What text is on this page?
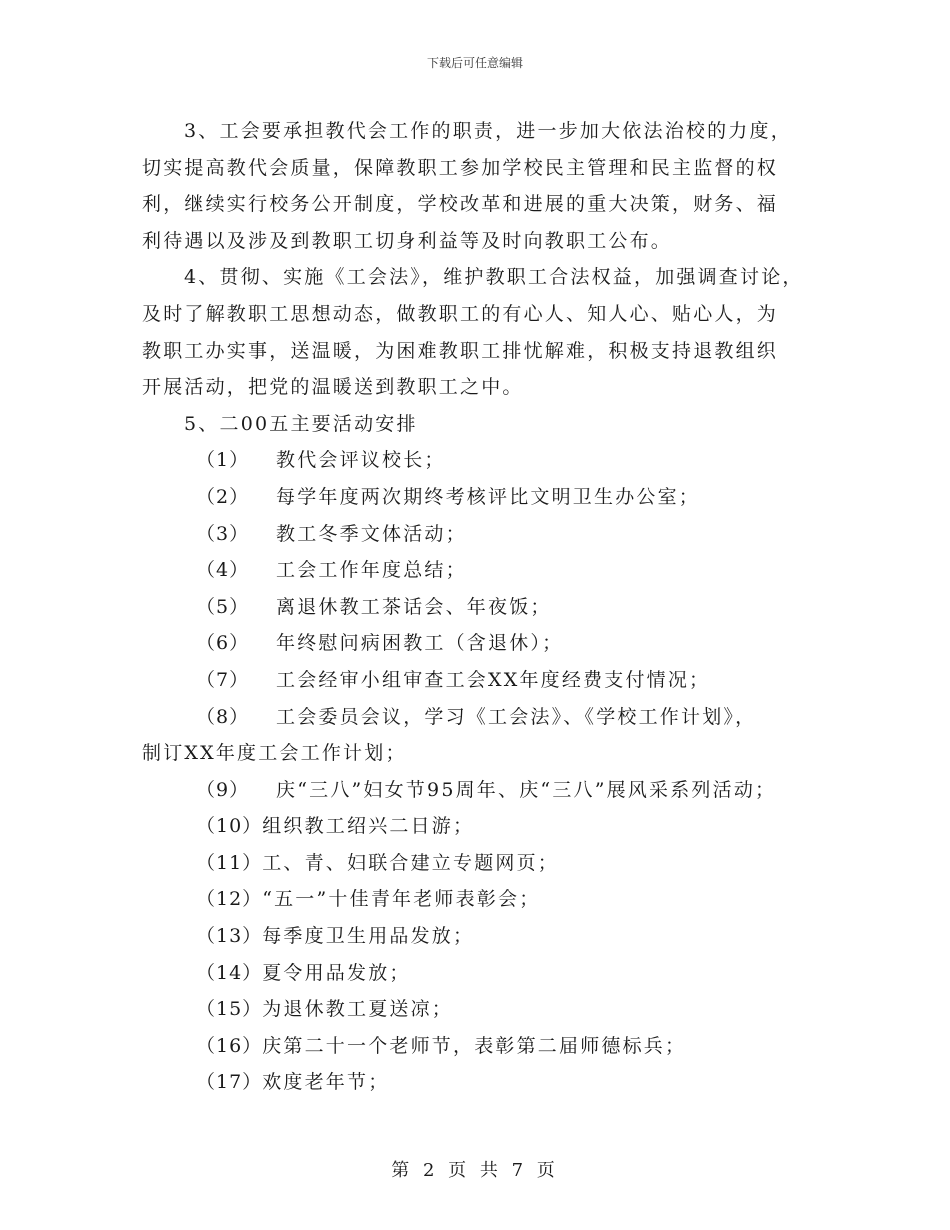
下载后可任意编辑
3、工会要承担教代会工作的职责，进一步加大依法治校的力度，
切实提高教代会质量，保障教职工参加学校民主管理和民主监督的权
利，继续实行校务公开制度，学校改革和进展的重大决策，财务、福
利待遇以及涉及到教职工切身利益等及时向教职工公布。
4、贯彻、实施《工会法》，维护教职工合法权益，加强调查讨论，
及时了解教职工思想动态，做教职工的有心人、知人心、贴心人，为
教职工办实事，送温暖，为困难教职工排忧解难，积极支持退教组织
开展活动，把党的温暖送到教职工之中。
5、二00五主要活动安排
（1） 教代会评议校长；
（2） 每学年度两次期终考核评比文明卫生办公室；
（3） 教工冬季文体活动；
（4） 工会工作年度总结；
（5） 离退休教工茶话会、年夜饭；
（6） 年终慰问病困教工（含退休）；
（7） 工会经审小组审查工会XX年度经费支付情况；
（8） 工会委员会议，学习《工会法》、《学校工作计划》，
制订XX年度工会工作计划；
（9） 庆“三八”妇女节95周年、庆“三八”展风采系列活动；
（10）组织教工绍兴二日游；
（11）工、青、妇联合建立专题网页；
（12）“五一”十佳青年老师表彰会；
（13）每季度卫生用品发放；
（14）夏令用品发放；
（15）为退休教工夏送凉；
（16）庆第二十一个老师节，表彰第二届师德标兵；
（17）欢度老年节；
第 2 页 共 7 页
